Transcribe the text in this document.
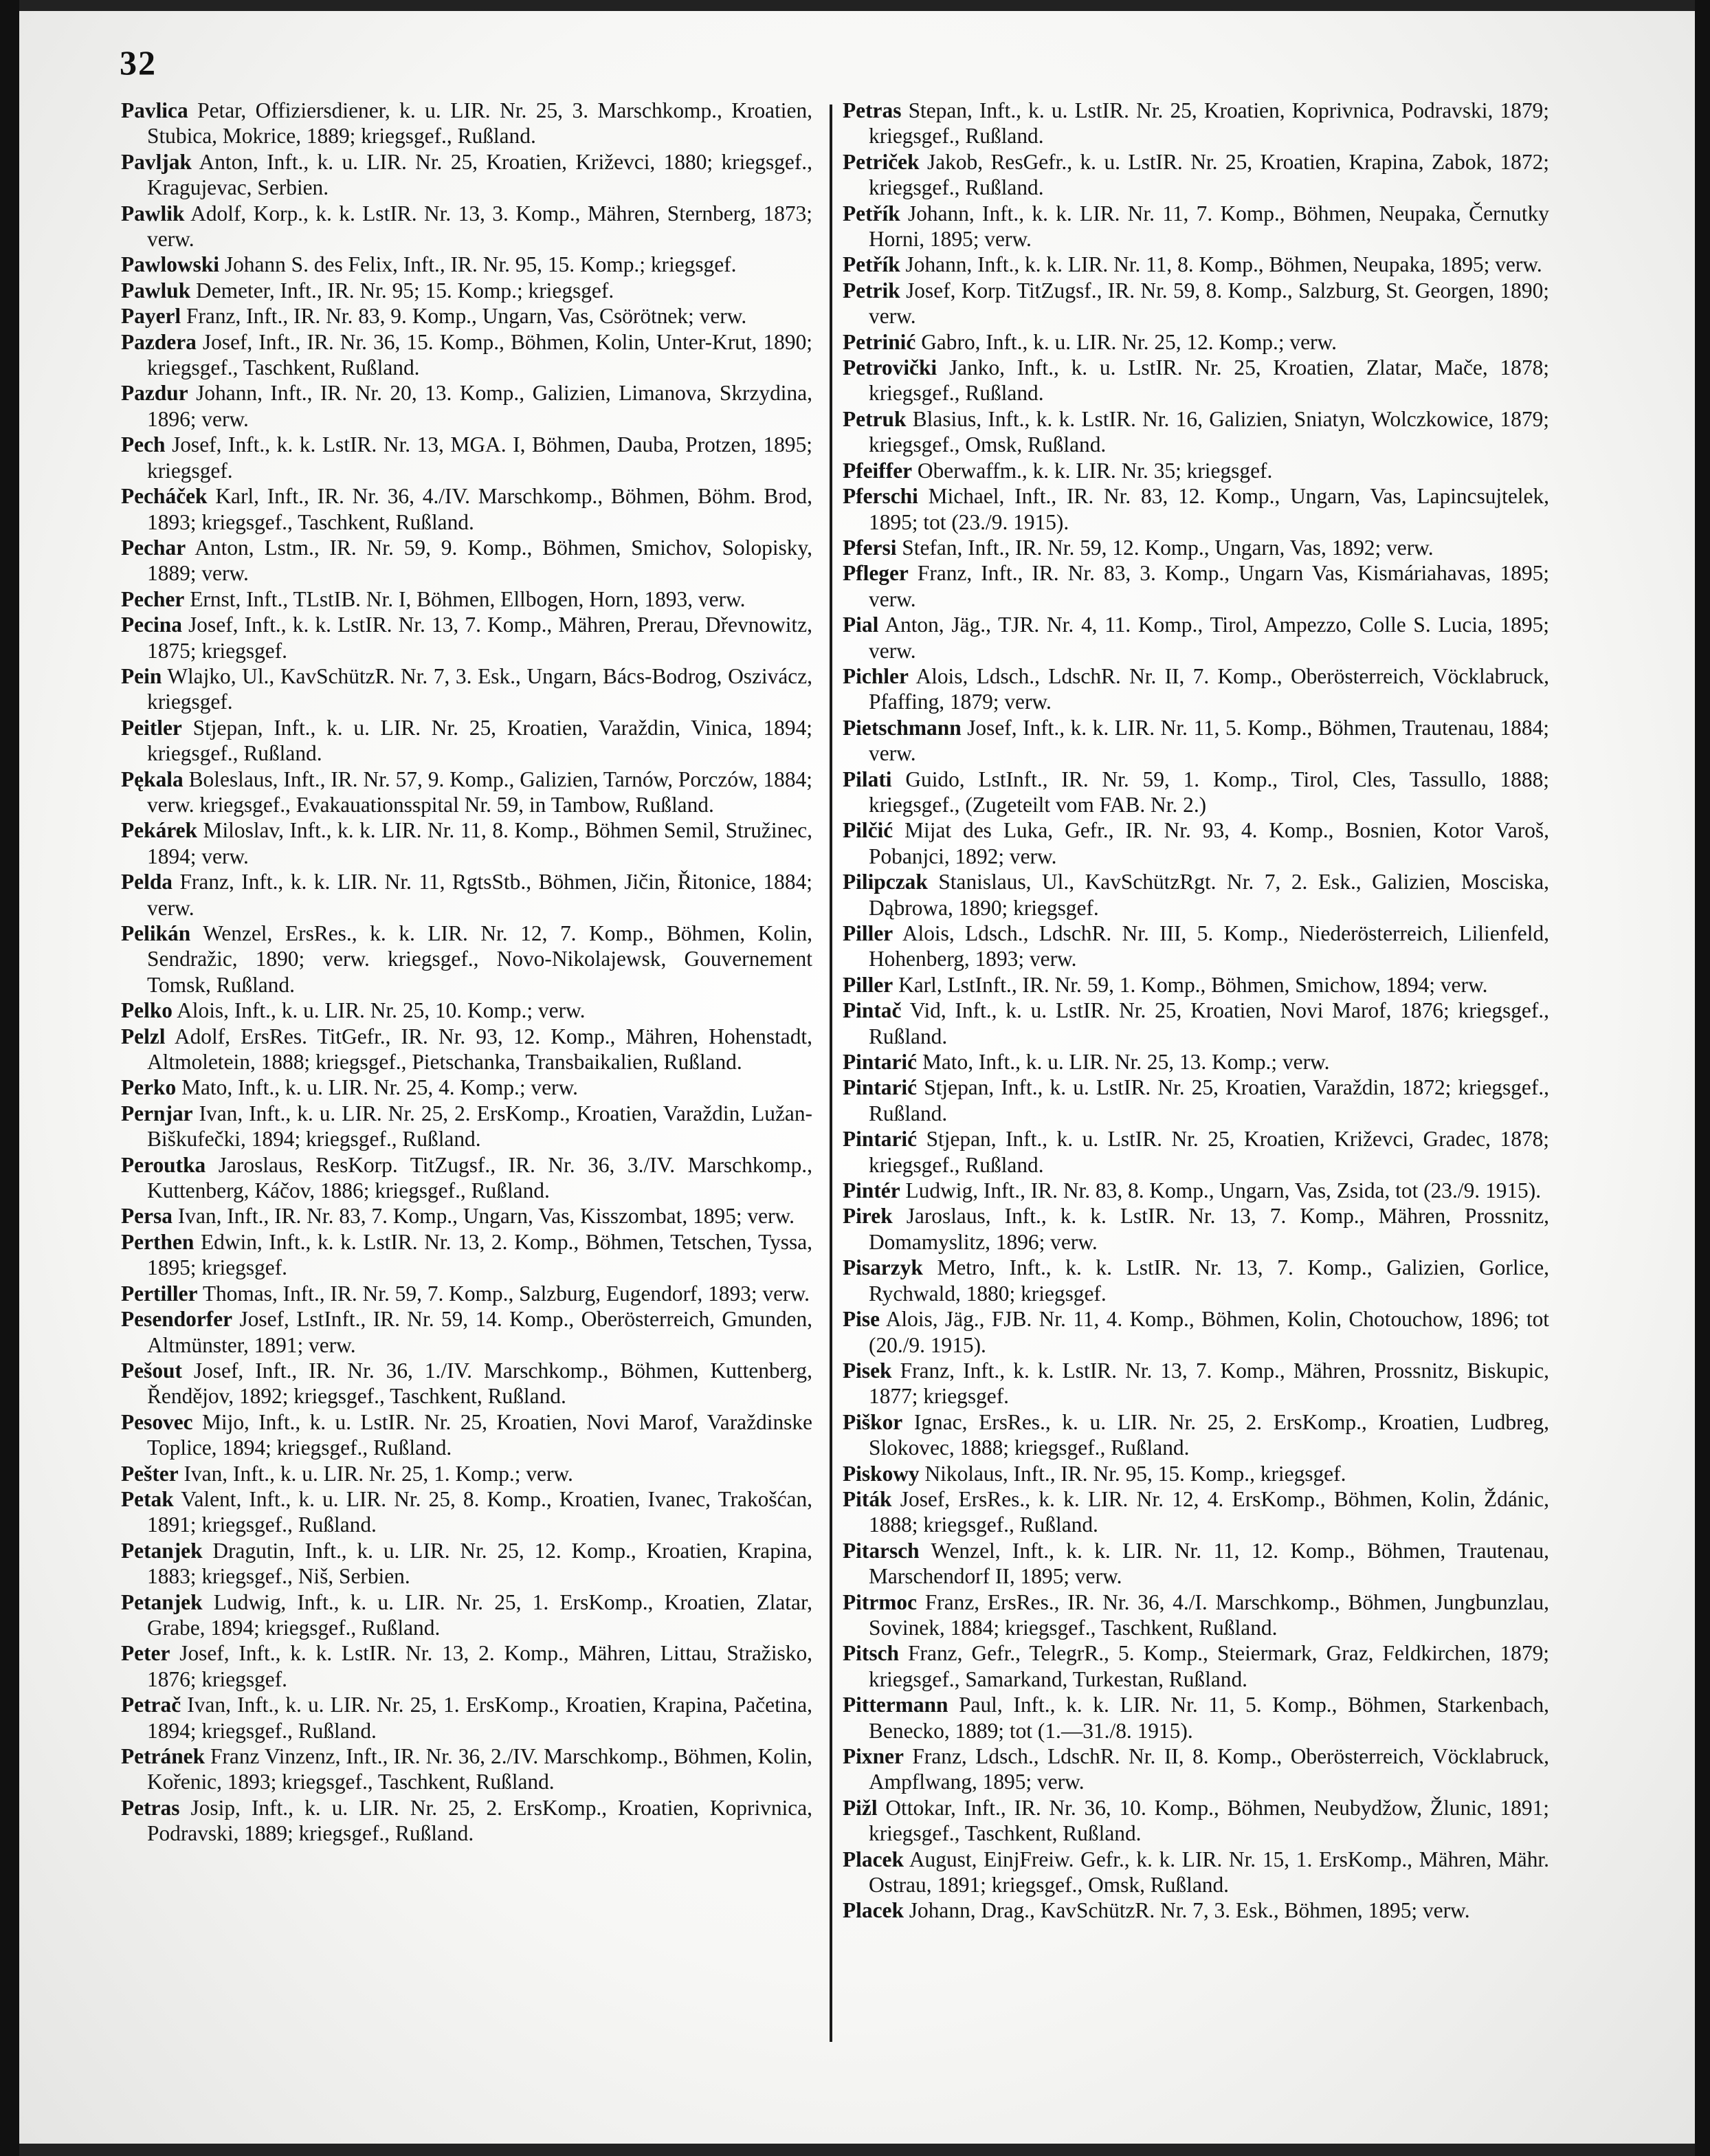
32

Pavlica Petar, Offiziersdiener, k. u. LIR. Nr. 25, 3. Marschkomp., Kroatien, Stubica, Mokrice, 1889; kriegsgef., Rußland.

Pavljak Anton, Inft., k. u. LIR. Nr. 25, Kroatien, Križevci, 1880; kriegsgef., Kragujevac, Serbien.

Pawlik Adolf, Korp., k. k. LstIR. Nr. 13, 3. Komp., Mähren, Sternberg, 1873; verw.

Pawlowski Johann S. des Felix, Inft., IR. Nr. 95, 15. Komp.; kriegsgef.

Pawluk Demeter, Inft., IR. Nr. 95; 15. Komp.; kriegsgef.

Payerl Franz, Inft., IR. Nr. 83, 9. Komp., Ungarn, Vas, Csörötnek; verw.

Pazdera Josef, Inft., IR. Nr. 36, 15. Komp., Böhmen, Kolin, Unter-Krut, 1890; kriegsgef., Taschkent, Rußland.

Pazdur Johann, Inft., IR. Nr. 20, 13. Komp., Galizien, Limanova, Skrzydina, 1896; verw.

Pech Josef, Inft., k. k. LstIR. Nr. 13, MGA. I, Böhmen, Dauba, Protzen, 1895; kriegsgef.

Pecháček Karl, Inft., IR. Nr. 36, 4./IV. Marschkomp., Böhmen, Böhm. Brod, 1893; kriegsgef., Taschkent, Rußland.

Pechar Anton, Lstm., IR. Nr. 59, 9. Komp., Böhmen, Smichov, Solopisky, 1889; verw.

Pecher Ernst, Inft., TLstIB. Nr. I, Böhmen, Ellbogen, Horn, 1893, verw.

Pecina Josef, Inft., k. k. LstIR. Nr. 13, 7. Komp., Mähren, Prerau, Dřevnowitz, 1875; kriegsgef.

Pein Wlajko, Ul., KavSchützR. Nr. 7, 3. Esk., Ungarn, Bács-Bodrog, Oszivácz, kriegsgef.

Peitler Stjepan, Inft., k. u. LIR. Nr. 25, Kroatien, Varaždin, Vinica, 1894; kriegsgef., Rußland.

Pękala Boleslaus, Inft., IR. Nr. 57, 9. Komp., Galizien, Tarnów, Porczów, 1884; verw. kriegsgef., Evakauationsspital Nr. 59, in Tambow, Rußland.

Pekárek Miloslav, Inft., k. k. LIR. Nr. 11, 8. Komp., Böhmen Semil, Stružinec, 1894; verw.

Pelda Franz, Inft., k. k. LIR. Nr. 11, RgtsStb., Böhmen, Jičin, Řitonice, 1884; verw.

Pelikán Wenzel, ErsRes., k. k. LIR. Nr. 12, 7. Komp., Böhmen, Kolin, Sendražic, 1890; verw. kriegsgef., Novo-Nikolajewsk, Gouvernement Tomsk, Rußland.

Pelko Alois, Inft., k. u. LIR. Nr. 25, 10. Komp.; verw.

Pelzl Adolf, ErsRes. TitGefr., IR. Nr. 93, 12. Komp., Mähren, Hohenstadt, Altmoletein, 1888; kriegsgef., Pietschanka, Transbaikalien, Rußland.

Perko Mato, Inft., k. u. LIR. Nr. 25, 4. Komp.; verw.

Pernjar Ivan, Inft., k. u. LIR. Nr. 25, 2. ErsKomp., Kroatien, Varaždin, Lužan-Biškufečki, 1894; kriegsgef., Rußland.

Peroutka Jaroslaus, ResKorp. TitZugsf., IR. Nr. 36, 3./IV. Marschkomp., Kuttenberg, Káčov, 1886; kriegsgef., Rußland.

Persa Ivan, Inft., IR. Nr. 83, 7. Komp., Ungarn, Vas, Kisszombat, 1895; verw.

Perthen Edwin, Inft., k. k. LstIR. Nr. 13, 2. Komp., Böhmen, Tetschen, Tyssa, 1895; kriegsgef.

Pertiller Thomas, Inft., IR. Nr. 59, 7. Komp., Salzburg, Eugendorf, 1893; verw.

Pesendorfer Josef, LstInft., IR. Nr. 59, 14. Komp., Oberösterreich, Gmunden, Altmünster, 1891; verw.

Pešout Josef, Inft., IR. Nr. 36, 1./IV. Marschkomp., Böhmen, Kuttenberg, Řendějov, 1892; kriegsgef., Taschkent, Rußland.

Pesovec Mijo, Inft., k. u. LstIR. Nr. 25, Kroatien, Novi Marof, Varaždinske Toplice, 1894; kriegsgef., Rußland.

Pešter Ivan, Inft., k. u. LIR. Nr. 25, 1. Komp.; verw.

Petak Valent, Inft., k. u. LIR. Nr. 25, 8. Komp., Kroatien, Ivanec, Trakošćan, 1891; kriegsgef., Rußland.

Petanjek Dragutin, Inft., k. u. LIR. Nr. 25, 12. Komp., Kroatien, Krapina, 1883; kriegsgef., Niš, Serbien.

Petanjek Ludwig, Inft., k. u. LIR. Nr. 25, 1. ErsKomp., Kroatien, Zlatar, Grabe, 1894; kriegsgef., Rußland.

Peter Josef, Inft., k. k. LstIR. Nr. 13, 2. Komp., Mähren, Littau, Stražisko, 1876; kriegsgef.

Petrač Ivan, Inft., k. u. LIR. Nr. 25, 1. ErsKomp., Kroatien, Krapina, Pačetina, 1894; kriegsgef., Rußland.

Petránek Franz Vinzenz, Inft., IR. Nr. 36, 2./IV. Marschkomp., Böhmen, Kolin, Kořenic, 1893; kriegsgef., Taschkent, Rußland.

Petras Josip, Inft., k. u. LIR. Nr. 25, 2. ErsKomp., Kroatien, Koprivnica, Podravski, 1889; kriegsgef., Rußland.

Petras Stepan, Inft., k. u. LstIR. Nr. 25, Kroatien, Koprivnica, Podravski, 1879; kriegsgef., Rußland.

Petriček Jakob, ResGefr., k. u. LstIR. Nr. 25, Kroatien, Krapina, Zabok, 1872; kriegsgef., Rußland.

Petřík Johann, Inft., k. k. LIR. Nr. 11, 7. Komp., Böhmen, Neupaka, Černutky Horni, 1895; verw.

Petřík Johann, Inft., k. k. LIR. Nr. 11, 8. Komp., Böhmen, Neupaka, 1895; verw.

Petrik Josef, Korp. TitZugsf., IR. Nr. 59, 8. Komp., Salzburg, St. Georgen, 1890; verw.

Petrinić Gabro, Inft., k. u. LIR. Nr. 25, 12. Komp.; verw.

Petrovički Janko, Inft., k. u. LstIR. Nr. 25, Kroatien, Zlatar, Mače, 1878; kriegsgef., Rußland.

Petruk Blasius, Inft., k. k. LstIR. Nr. 16, Galizien, Sniatyn, Wolczkowice, 1879; kriegsgef., Omsk, Rußland.

Pfeiffer Oberwaffm., k. k. LIR. Nr. 35; kriegsgef.

Pferschi Michael, Inft., IR. Nr. 83, 12. Komp., Ungarn, Vas, Lapincsujtelek, 1895; tot (23./9. 1915).

Pfersi Stefan, Inft., IR. Nr. 59, 12. Komp., Ungarn, Vas, 1892; verw.

Pfleger Franz, Inft., IR. Nr. 83, 3. Komp., Ungarn Vas, Kismáriahavas, 1895; verw.

Pial Anton, Jäg., TJR. Nr. 4, 11. Komp., Tirol, Ampezzo, Colle S. Lucia, 1895; verw.

Pichler Alois, Ldsch., LdschR. Nr. II, 7. Komp., Oberösterreich, Vöcklabruck, Pfaffing, 1879; verw.

Pietschmann Josef, Inft., k. k. LIR. Nr. 11, 5. Komp., Böhmen, Trautenau, 1884; verw.

Pilati Guido, LstInft., IR. Nr. 59, 1. Komp., Tirol, Cles, Tassullo, 1888; kriegsgef., (Zugeteilt vom FAB. Nr. 2.)

Pilčić Mijat des Luka, Gefr., IR. Nr. 93, 4. Komp., Bosnien, Kotor Varoš, Pobanjci, 1892; verw.

Pilipczak Stanislaus, Ul., KavSchützRgt. Nr. 7, 2. Esk., Galizien, Mosciska, Dąbrowa, 1890; kriegsgef.

Piller Alois, Ldsch., LdschR. Nr. III, 5. Komp., Niederösterreich, Lilienfeld, Hohenberg, 1893; verw.

Piller Karl, LstInft., IR. Nr. 59, 1. Komp., Böhmen, Smichow, 1894; verw.

Pintač Vid, Inft., k. u. LstIR. Nr. 25, Kroatien, Novi Marof, 1876; kriegsgef., Rußland.

Pintarić Mato, Inft., k. u. LIR. Nr. 25, 13. Komp.; verw.

Pintarić Stjepan, Inft., k. u. LstIR. Nr. 25, Kroatien, Varaždin, 1872; kriegsgef., Rußland.

Pintarić Stjepan, Inft., k. u. LstIR. Nr. 25, Kroatien, Križevci, Gradec, 1878; kriegsgef., Rußland.

Pintér Ludwig, Inft., IR. Nr. 83, 8. Komp., Ungarn, Vas, Zsida, tot (23./9. 1915).

Pirek Jaroslaus, Inft., k. k. LstIR. Nr. 13, 7. Komp., Mähren, Prossnitz, Domamyslitz, 1896; verw.

Pisarzyk Metro, Inft., k. k. LstIR. Nr. 13, 7. Komp., Galizien, Gorlice, Rychwald, 1880; kriegsgef.

Pise Alois, Jäg., FJB. Nr. 11, 4. Komp., Böhmen, Kolin, Chotouchow, 1896; tot (20./9. 1915).

Pisek Franz, Inft., k. k. LstIR. Nr. 13, 7. Komp., Mähren, Prossnitz, Biskupic, 1877; kriegsgef.

Piškor Ignac, ErsRes., k. u. LIR. Nr. 25, 2. ErsKomp., Kroatien, Ludbreg, Slokovec, 1888; kriegsgef., Rußland.

Piskowy Nikolaus, Inft., IR. Nr. 95, 15. Komp., kriegsgef.

Piták Josef, ErsRes., k. k. LIR. Nr. 12, 4. ErsKomp., Böhmen, Kolin, Ždánic, 1888; kriegsgef., Rußland.

Pitarsch Wenzel, Inft., k. k. LIR. Nr. 11, 12. Komp., Böhmen, Trautenau, Marschendorf II, 1895; verw.

Pitrmoc Franz, ErsRes., IR. Nr. 36, 4./I. Marschkomp., Böhmen, Jungbunzlau, Sovinek, 1884; kriegsgef., Taschkent, Rußland.

Pitsch Franz, Gefr., TelegrR., 5. Komp., Steiermark, Graz, Feldkirchen, 1879; kriegsgef., Samarkand, Turkestan, Rußland.

Pittermann Paul, Inft., k. k. LIR. Nr. 11, 5. Komp., Böhmen, Starkenbach, Benecko, 1889; tot (1.—31./8. 1915).

Pixner Franz, Ldsch., LdschR. Nr. II, 8. Komp., Oberösterreich, Vöcklabruck, Ampflwang, 1895; verw.

Pižl Ottokar, Inft., IR. Nr. 36, 10. Komp., Böhmen, Neubydžow, Žlunic, 1891; kriegsgef., Taschkent, Rußland.

Placek August, EinjFreiw. Gefr., k. k. LIR. Nr. 15, 1. ErsKomp., Mähren, Mähr. Ostrau, 1891; kriegsgef., Omsk, Rußland.

Placek Johann, Drag., KavSchützR. Nr. 7, 3. Esk., Böhmen, 1895; verw.
